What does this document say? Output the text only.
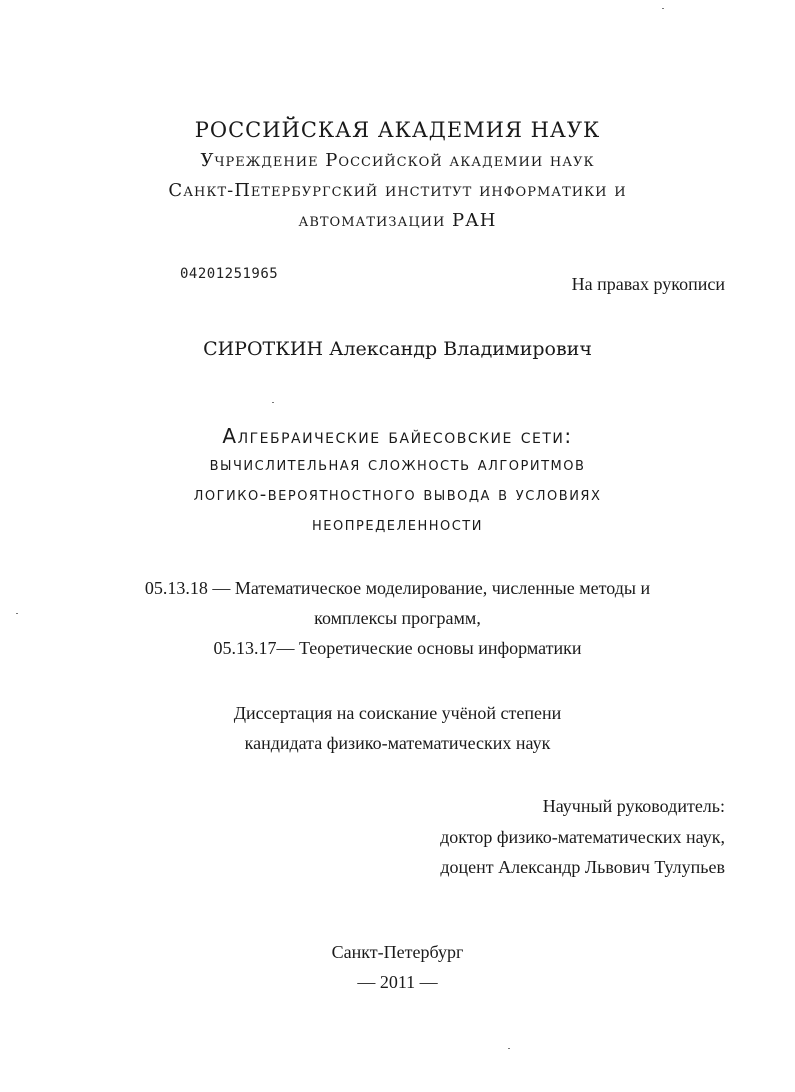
РОССИЙСКАЯ АКАДЕМИЯ НАУК
Учреждение Российской академии наук
Санкт-Петербургский институт информатики и
автоматизации РАН
04201251965	На правах рукописи
СИРОТКИН Александр Владимирович
Алгебраические байесовские сети:
вычислительная сложность алгоритмов
логико-вероятностного вывода в условиях
неопределенности
05.13.18 — Математическое моделирование, численные методы и
комплексы программ,
05.13.17— Теоретические основы информатики
Диссертация на соискание учёной степени
кандидата физико-математических наук
Научный руководитель:
доктор физико-математических наук,
доцент Александр Львович Тулупьев
Санкт-Петербург
— 2011 —
